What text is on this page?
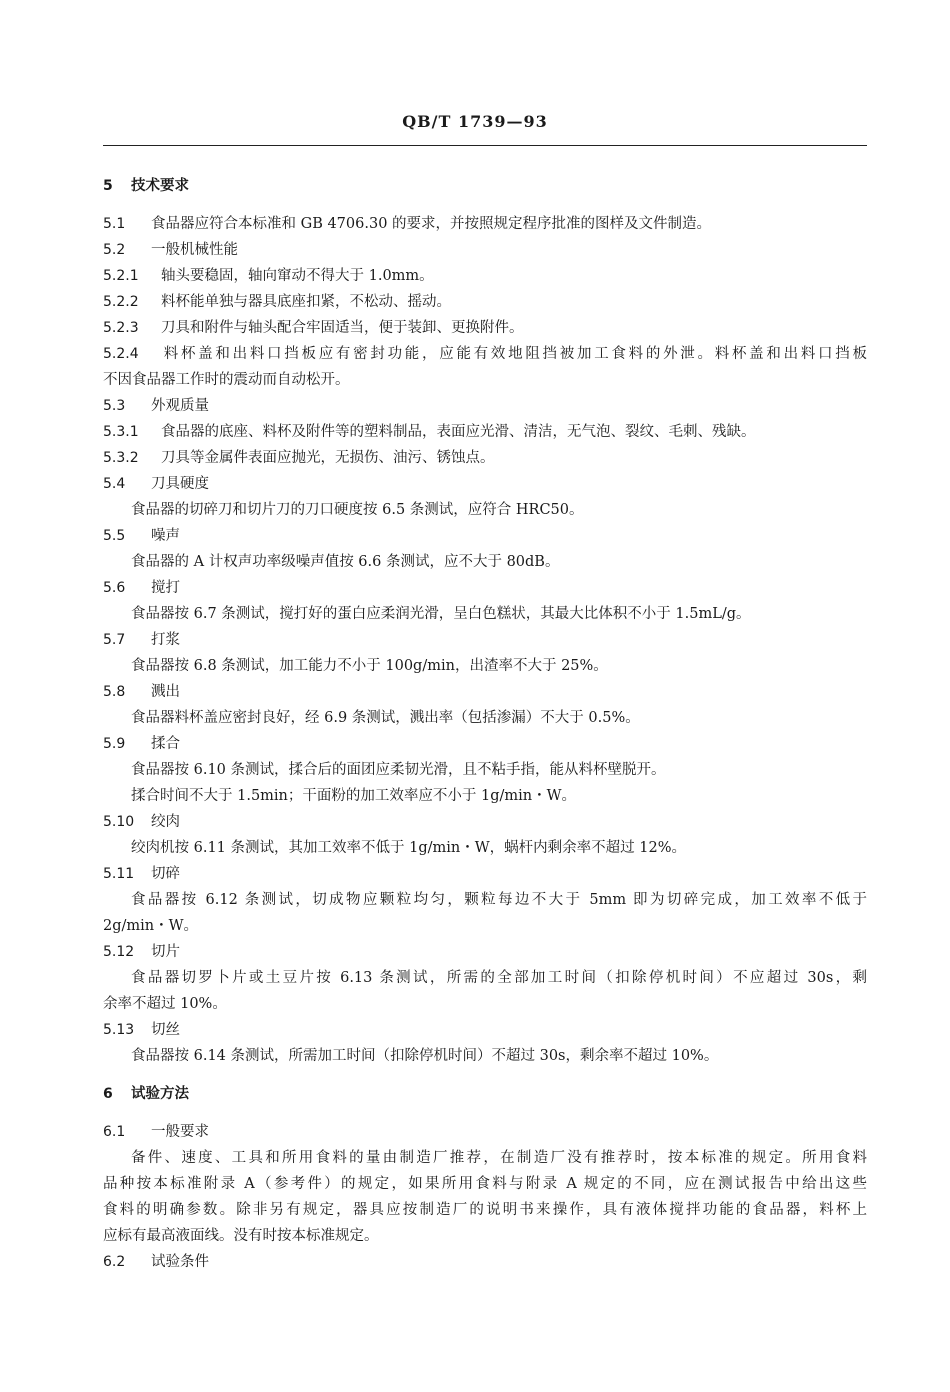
QB/T 1739—93
5 技术要求
5.1 食品器应符合本标准和 GB 4706.30 的要求，并按照规定程序批准的图样及文件制造。
5.2 一般机械性能
5.2.1 轴头要稳固，轴向窜动不得大于 1.0mm。
5.2.2 料杯能单独与器具底座扣紧，不松动、摇动。
5.2.3 刀具和附件与轴头配合牢固适当，便于装卸、更换附件。
5.2.4 料杯盖和出料口挡板应有密封功能，应能有效地阻挡被加工食料的外泄。料杯盖和出料口挡板
不因食品器工作时的震动而自动松开。
5.3 外观质量
5.3.1 食品器的底座、料杯及附件等的塑料制品，表面应光滑、清洁，无气泡、裂纹、毛刺、残缺。
5.3.2 刀具等金属件表面应抛光，无损伤、油污、锈蚀点。
5.4 刀具硬度
食品器的切碎刀和切片刀的刀口硬度按 6.5 条测试，应符合 HRC50。
5.5 噪声
食品器的 A 计权声功率级噪声值按 6.6 条测试，应不大于 80dB。
5.6 搅打
食品器按 6.7 条测试，搅打好的蛋白应柔润光滑，呈白色糕状，其最大比体积不小于 1.5mL/g。
5.7 打浆
食品器按 6.8 条测试，加工能力不小于 100g/min，出渣率不大于 25%。
5.8 溅出
食品器料杯盖应密封良好，经 6.9 条测试，溅出率（包括渗漏）不大于 0.5%。
5.9 揉合
食品器按 6.10 条测试，揉合后的面团应柔韧光滑，且不粘手指，能从料杯壁脱开。
揉合时间不大于 1.5min；干面粉的加工效率应不小于 1g/min・W。
5.10 绞肉
绞肉机按 6.11 条测试，其加工效率不低于 1g/min・W，蜗杆内剩余率不超过 12%。
5.11 切碎
食品器按 6.12 条测试，切成物应颗粒均匀，颗粒每边不大于 5mm 即为切碎完成，加工效率不低于
2g/min・W。
5.12 切片
食品器切罗卜片或土豆片按 6.13 条测试，所需的全部加工时间（扣除停机时间）不应超过 30s，剩
余率不超过 10%。
5.13 切丝
食品器按 6.14 条测试，所需加工时间（扣除停机时间）不超过 30s，剩余率不超过 10%。
6 试验方法
6.1 一般要求
备件、速度、工具和所用食料的量由制造厂推荐，在制造厂没有推荐时，按本标准的规定。所用食料
品种按本标准附录 A（参考件）的规定，如果所用食料与附录 A 规定的不同，应在测试报告中给出这些
食料的明确参数。除非另有规定，器具应按制造厂的说明书来操作，具有液体搅拌功能的食品器，料杯上
应标有最高液面线。没有时按本标准规定。
6.2 试验条件
